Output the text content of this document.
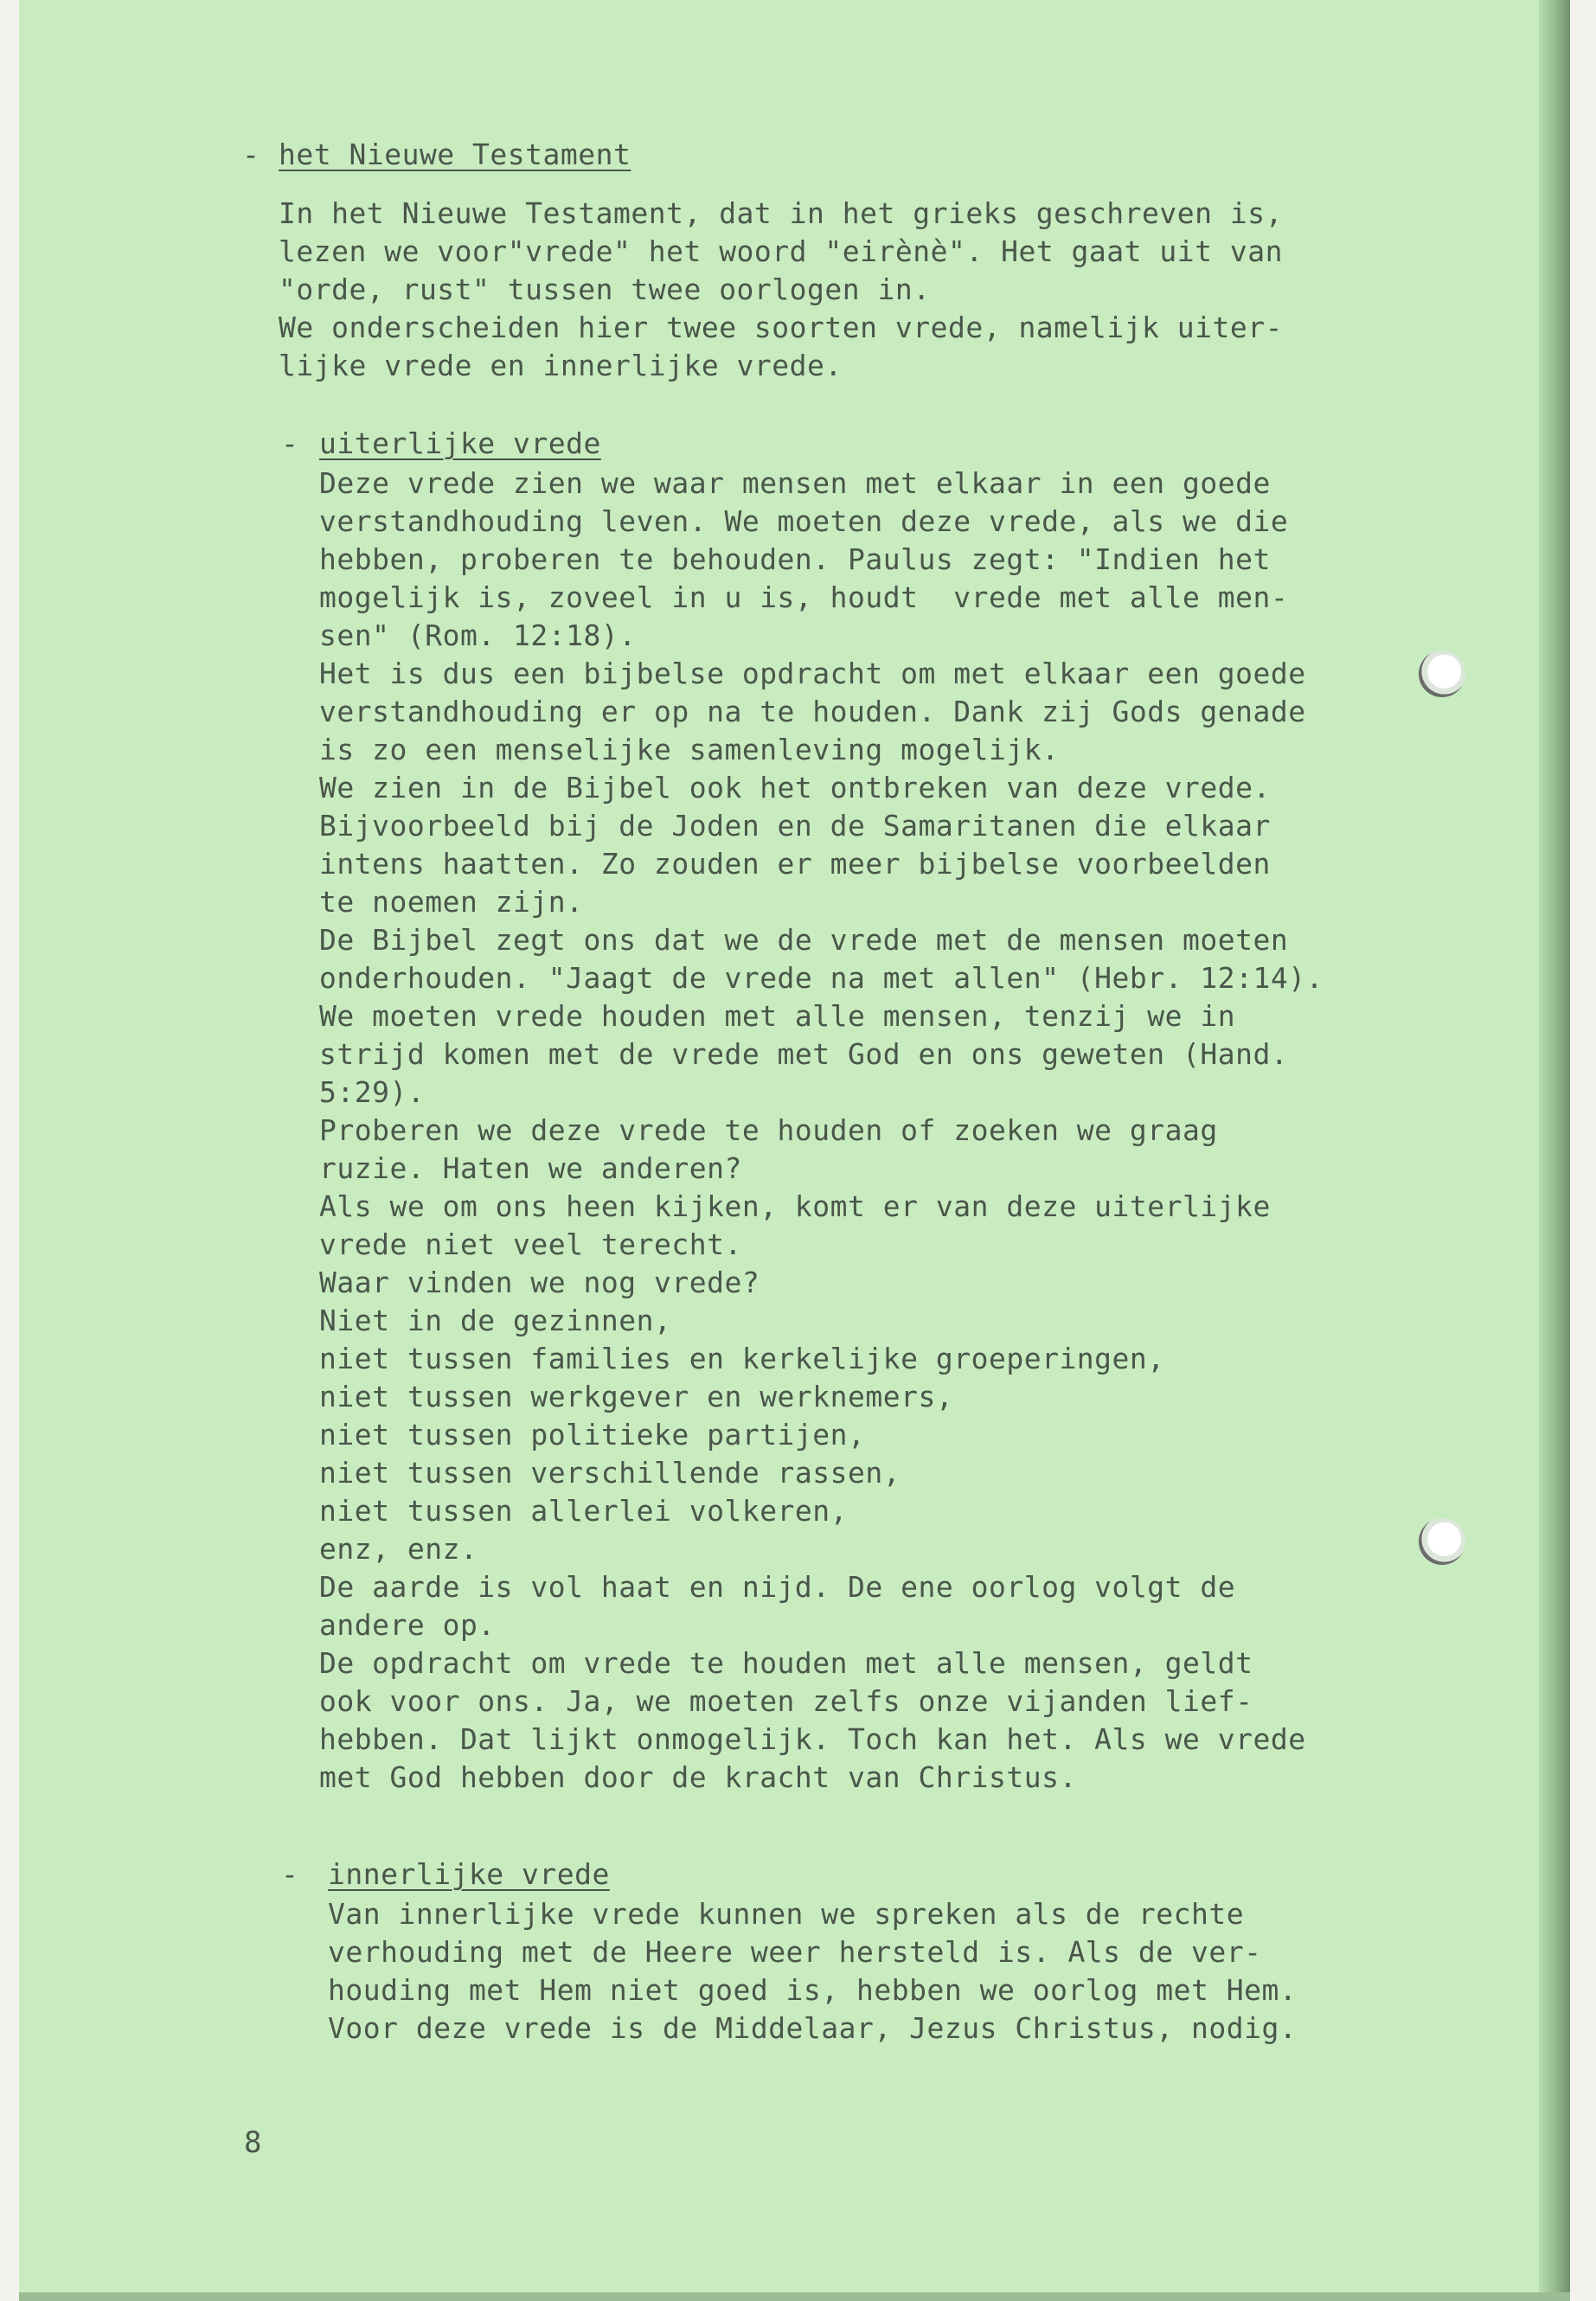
- het Nieuwe Testament
In het Nieuwe Testament, dat in het grieks geschreven is,
lezen we voor"vrede" het woord "eirènè". Het gaat uit van
"orde, rust" tussen twee oorlogen in.
We onderscheiden hier twee soorten vrede, namelijk uiter-
lijke vrede en innerlijke vrede.
- uiterlijke vrede
Deze vrede zien we waar mensen met elkaar in een goede
verstandhouding leven. We moeten deze vrede, als we die
hebben, proberen te behouden. Paulus zegt: "Indien het
mogelijk is, zoveel in u is, houdt  vrede met alle men-
sen" (Rom. 12:18).
Het is dus een bijbelse opdracht om met elkaar een goede
verstandhouding er op na te houden. Dank zij Gods genade
is zo een menselijke samenleving mogelijk.
We zien in de Bijbel ook het ontbreken van deze vrede.
Bijvoorbeeld bij de Joden en de Samaritanen die elkaar
intens haatten. Zo zouden er meer bijbelse voorbeelden
te noemen zijn.
De Bijbel zegt ons dat we de vrede met de mensen moeten
onderhouden. "Jaagt de vrede na met allen" (Hebr. 12:14).
We moeten vrede houden met alle mensen, tenzij we in
strijd komen met de vrede met God en ons geweten (Hand.
5:29).
Proberen we deze vrede te houden of zoeken we graag
ruzie. Haten we anderen?
Als we om ons heen kijken, komt er van deze uiterlijke
vrede niet veel terecht.
Waar vinden we nog vrede?
Niet in de gezinnen,
niet tussen families en kerkelijke groeperingen,
niet tussen werkgever en werknemers,
niet tussen politieke partijen,
niet tussen verschillende rassen,
niet tussen allerlei volkeren,
enz, enz.
De aarde is vol haat en nijd. De ene oorlog volgt de
andere op.
De opdracht om vrede te houden met alle mensen, geldt
ook voor ons. Ja, we moeten zelfs onze vijanden lief-
hebben. Dat lijkt onmogelijk. Toch kan het. Als we vrede
met God hebben door de kracht van Christus.
- innerlijke vrede
Van innerlijke vrede kunnen we spreken als de rechte
verhouding met de Heere weer hersteld is. Als de ver-
houding met Hem niet goed is, hebben we oorlog met Hem.
Voor deze vrede is de Middelaar, Jezus Christus, nodig.
8
